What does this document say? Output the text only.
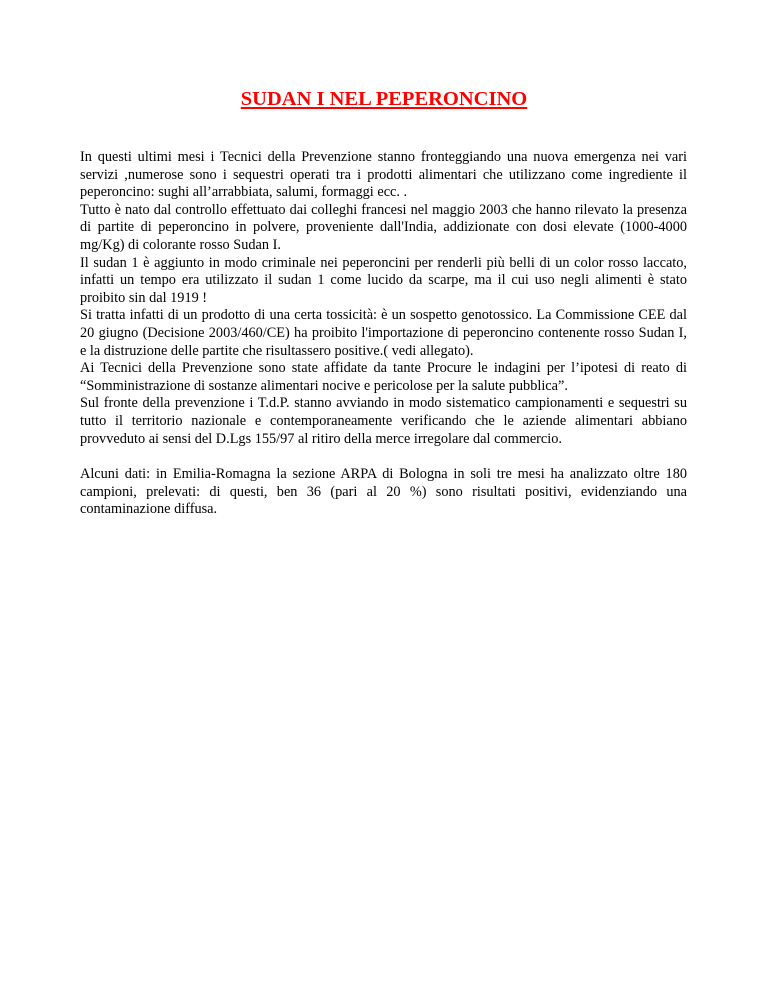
SUDAN I NEL PEPERONCINO

In questi ultimi mesi i Tecnici della Prevenzione stanno fronteggiando una nuova emergenza nei vari servizi ,numerose sono i sequestri operati tra i prodotti alimentari che utilizzano come ingrediente il peperoncino: sughi all’arrabbiata, salumi, formaggi ecc. .

Tutto è nato dal controllo effettuato dai colleghi francesi nel maggio 2003 che hanno rilevato la presenza di partite di peperoncino in polvere, proveniente dall'India, addizionate con dosi elevate (1000-4000 mg/Kg) di colorante rosso Sudan I.

Il sudan 1 è aggiunto in modo criminale nei peperoncini per renderli più belli di un color rosso laccato, infatti un tempo era utilizzato il sudan 1 come lucido da scarpe, ma il cui uso negli alimenti è stato proibito sin dal 1919 !

Si tratta infatti di un prodotto di una certa tossicità: è un sospetto genotossico. La Commissione CEE dal 20 giugno (Decisione 2003/460/CE) ha proibito l'importazione di peperoncino contenente rosso Sudan I, e la distruzione delle partite che risultassero positive.( vedi allegato).

Ai Tecnici della Prevenzione sono state affidate da tante Procure le indagini per l’ipotesi di reato di “Somministrazione di sostanze alimentari nocive e pericolose per la salute pubblica”.

Sul fronte della prevenzione i T.d.P. stanno avviando in modo sistematico campionamenti e sequestri su tutto il territorio nazionale e contemporaneamente verificando che le aziende alimentari abbiano provveduto ai sensi del D.Lgs 155/97 al ritiro della merce irregolare dal commercio.

Alcuni dati: in Emilia-Romagna la sezione ARPA di Bologna in soli tre mesi ha analizzato oltre 180 campioni, prelevati: di questi, ben 36 (pari al 20 %) sono risultati positivi, evidenziando una contaminazione diffusa.
